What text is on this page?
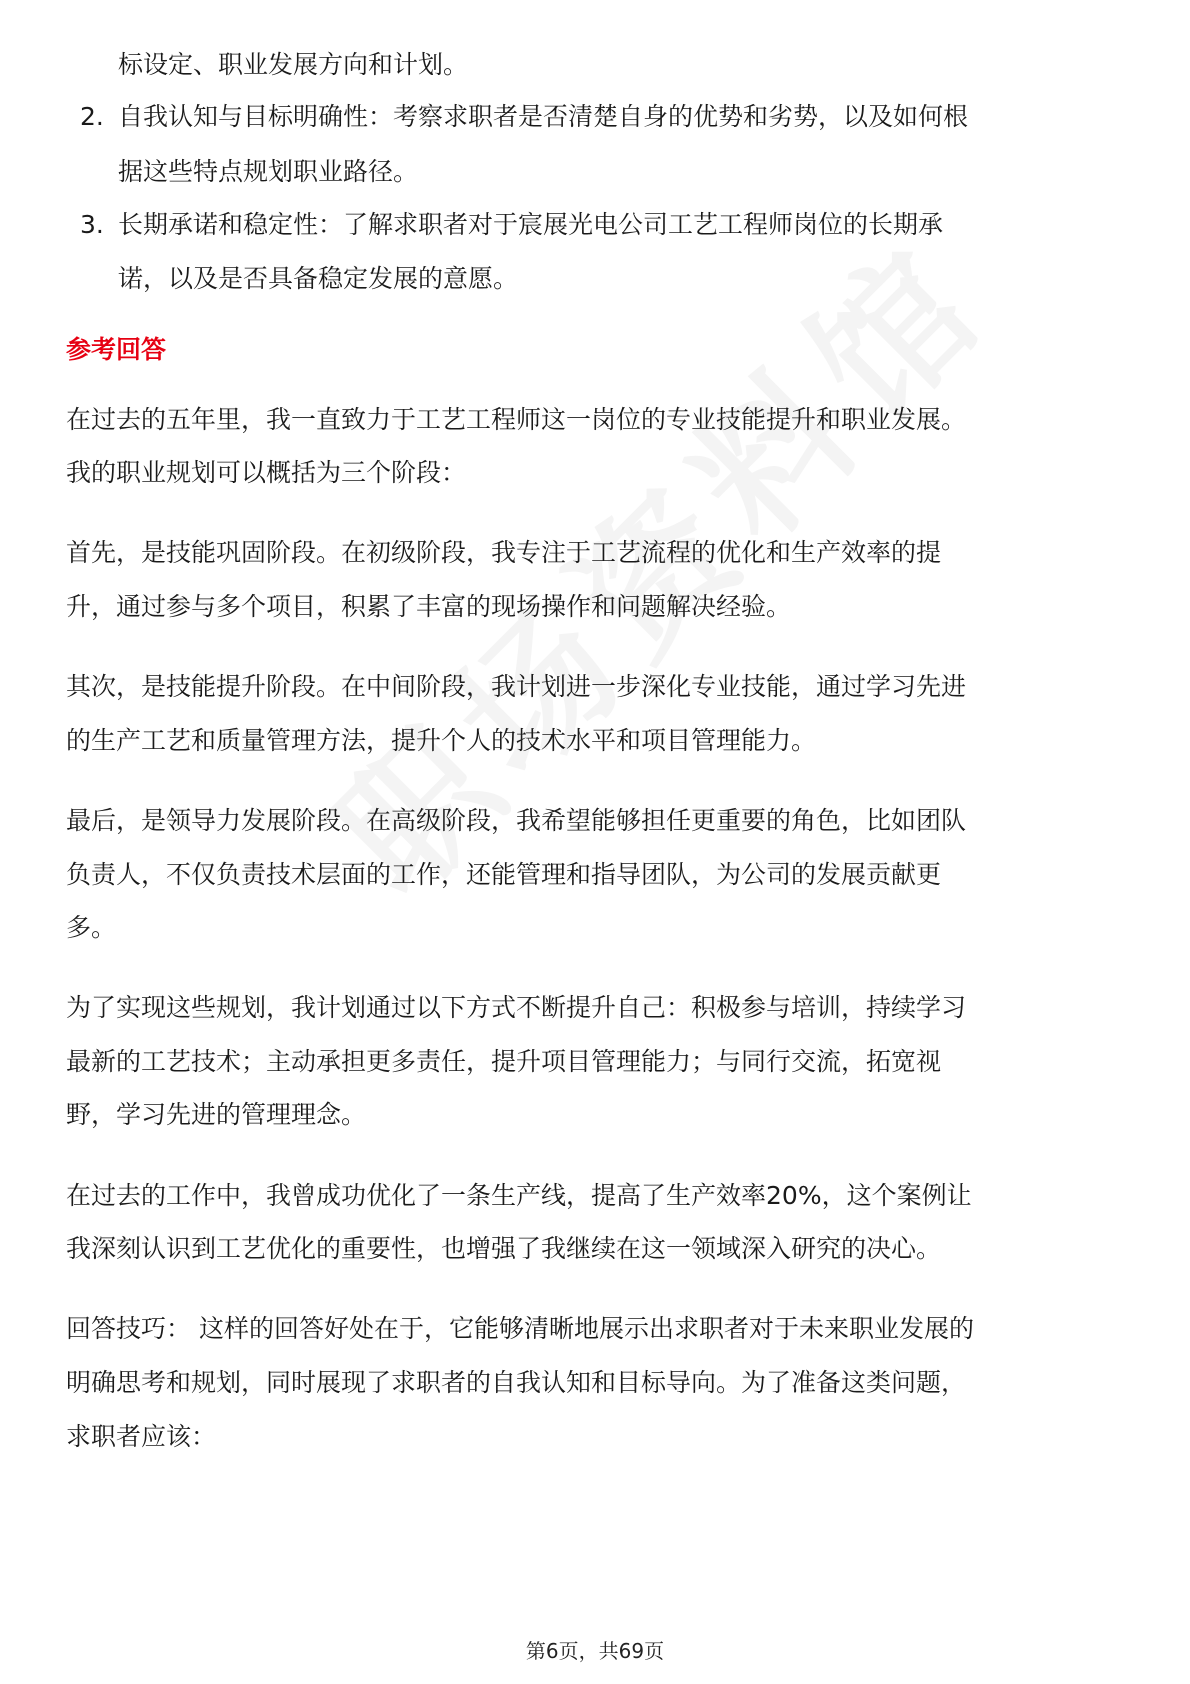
标设定、职业发展方向和计划。

2. 自我认知与目标明确性：考察求职者是否清楚自身的优势和劣势，以及如何根

据这些特点规划职业路径。

3. 长期承诺和稳定性：了解求职者对于宸展光电公司工艺工程师岗位的长期承

诺，以及是否具备稳定发展的意愿。

参考回答

在过去的五年里，我一直致力于工艺工程师这一岗位的专业技能提升和职业发展。

我的职业规划可以概括为三个阶段：

首先，是技能巩固阶段。在初级阶段，我专注于工艺流程的优化和生产效率的提

升，通过参与多个项目，积累了丰富的现场操作和问题解决经验。

其次，是技能提升阶段。在中间阶段，我计划进一步深化专业技能，通过学习先进

的生产工艺和质量管理方法，提升个人的技术水平和项目管理能力。

最后，是领导力发展阶段。在高级阶段，我希望能够担任更重要的角色，比如团队

负责人，不仅负责技术层面的工作，还能管理和指导团队，为公司的发展贡献更

多。

为了实现这些规划，我计划通过以下方式不断提升自己：积极参与培训，持续学习

最新的工艺技术；主动承担更多责任，提升项目管理能力；与同行交流，拓宽视

野，学习先进的管理理念。

在过去的工作中，我曾成功优化了一条生产线，提高了生产效率20%，这个案例让

我深刻认识到工艺优化的重要性，也增强了我继续在这一领域深入研究的决心。

回答技巧： 这样的回答好处在于，它能够清晰地展示出求职者对于未来职业发展的

明确思考和规划，同时展现了求职者的自我认知和目标导向。为了准备这类问题，

求职者应该：

第6页，共69页
